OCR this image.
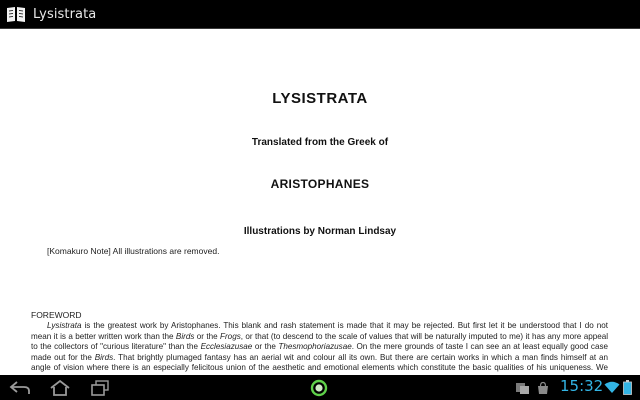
Lysistrata
LYSISTRATA
Translated from the Greek of
ARISTOPHANES
Illustrations by Norman Lindsay
[Komakuro Note] All illustrations are removed.
FOREWORD

Lysistrata is the greatest work by Aristophanes. This blank and rash statement is made that it may be rejected. But first let it be understood that I do not mean it is a better written work than the Birds or the Frogs, or that (to descend to the scale of values that will be naturally imputed to me) it has any more appeal to the collectors of "curious literature" than the Ecclesiazusae or the Thesmophoriazusae. On the mere grounds of taste I can see an at least equally good case made out for the Birds. That brightly plumaged fantasy has an aerial wit and colour all its own. But there are certain works in which a man finds himself at an angle of vision where there is an especially felicitous union of the aesthetic and emotional elements which constitute the basic qualities of his uniqueness. We

15:32
